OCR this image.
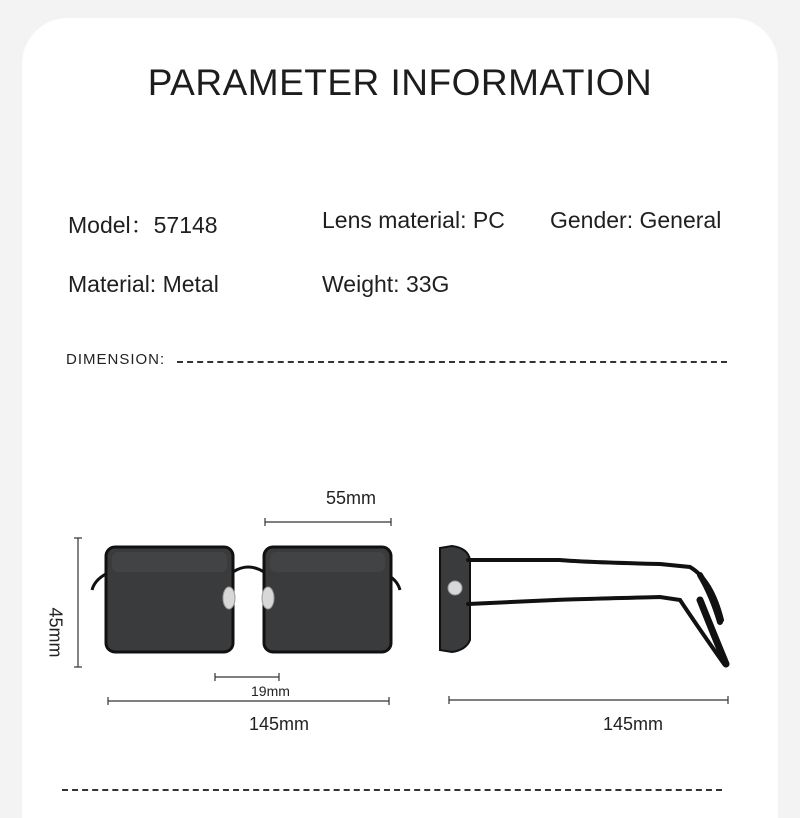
PARAMETER INFORMATION
Model：57148	Lens material: PC Gender: General
Material: Metal	Weight: 33G
DIMENSION:
55mm
45mm
19mm
145mm	145mm
